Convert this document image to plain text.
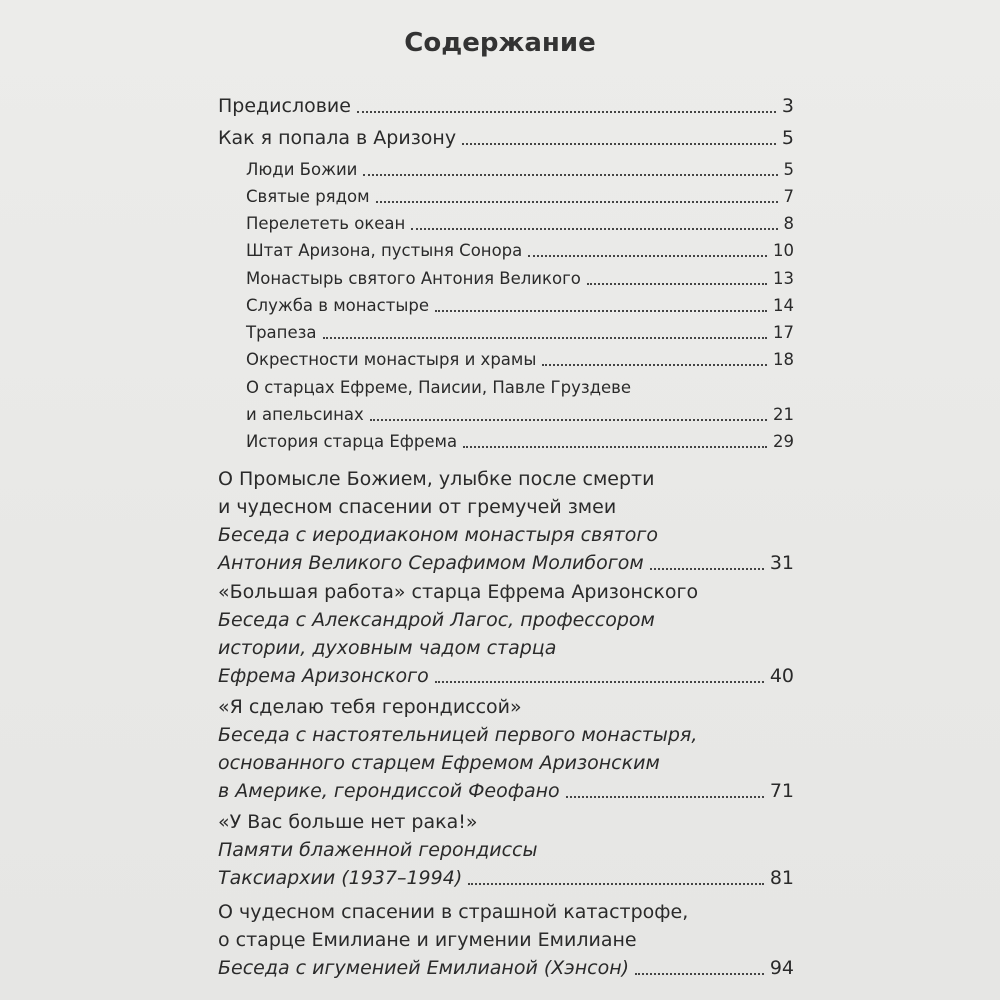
Содержание
Предисловие	3
Как я попала в Аризону	5
Люди Божии	5
Святые рядом	7
Перелететь океан	8
Штат Аризона, пустыня Сонора	10
Монастырь святого Антония Великого	13
Служба в монастыре	14
Трапеза	17
Окрестности монастыря и храмы	18
О старцах Ефреме, Паисии, Павле Груздеве
и апельсинах	21
История старца Ефрема	29
О Промысле Божием, улыбке после смерти
и чудесном спасении от гремучей змеи
Беседа с иеродиаконом монастыря святого
Антония Великого Серафимом Молибогом	31
«Большая работа» старца Ефрема Аризонского
Беседа с Александрой Лагос, профессором
истории, духовным чадом старца
Ефрема Аризонского	40
«Я сделаю тебя герондиссой»
Беседа с настоятельницей первого монастыря,
основанного старцем Ефремом Аризонским
в Америке, герондиссой Феофано	71
«У Вас больше нет рака!»
Памяти блаженной герондиссы
Таксиархии (1937–1994)	81
О чудесном спасении в страшной катастрофе,
о старце Емилиане и игумении Емилиане
Беседа с игуменией Емилианой (Хэнсон)	94
